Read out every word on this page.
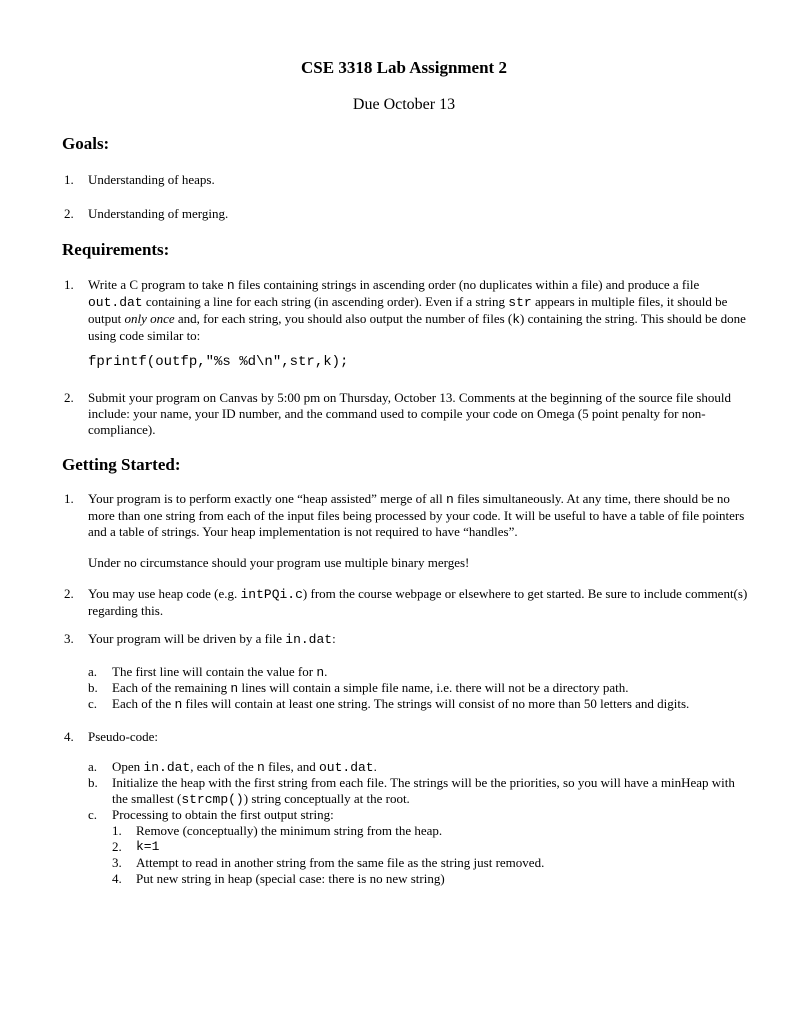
CSE 3318 Lab Assignment 2
Due October 13
Goals:
1. Understanding of heaps.
2. Understanding of merging.
Requirements:
1. Write a C program to take n files containing strings in ascending order (no duplicates within a file) and produce a file out.dat containing a line for each string (in ascending order). Even if a string str appears in multiple files, it should be output only once and, for each string, you should also output the number of files (k) containing the string. This should be done using code similar to:
fprintf(outfp,"%s %d\n",str,k);
2. Submit your program on Canvas by 5:00 pm on Thursday, October 13. Comments at the beginning of the source file should include: your name, your ID number, and the command used to compile your code on Omega (5 point penalty for non-compliance).
Getting Started:
1. Your program is to perform exactly one “heap assisted” merge of all n files simultaneously. At any time, there should be no more than one string from each of the input files being processed by your code. It will be useful to have a table of file pointers and a table of strings. Your heap implementation is not required to have “handles”.
Under no circumstance should your program use multiple binary merges!
2. You may use heap code (e.g. intPQi.c) from the course webpage or elsewhere to get started. Be sure to include comment(s) regarding this.
3. Your program will be driven by a file in.dat:
a. The first line will contain the value for n.
b. Each of the remaining n lines will contain a simple file name, i.e. there will not be a directory path.
c. Each of the n files will contain at least one string. The strings will consist of no more than 50 letters and digits.
4. Pseudo-code:
a. Open in.dat, each of the n files, and out.dat.
b. Initialize the heap with the first string from each file. The strings will be the priorities, so you will have a minHeap with the smallest (strcmp()) string conceptually at the root.
c. Processing to obtain the first output string:
1. Remove (conceptually) the minimum string from the heap.
2. k=1
3. Attempt to read in another string from the same file as the string just removed.
4. Put new string in heap (special case: there is no new string)
